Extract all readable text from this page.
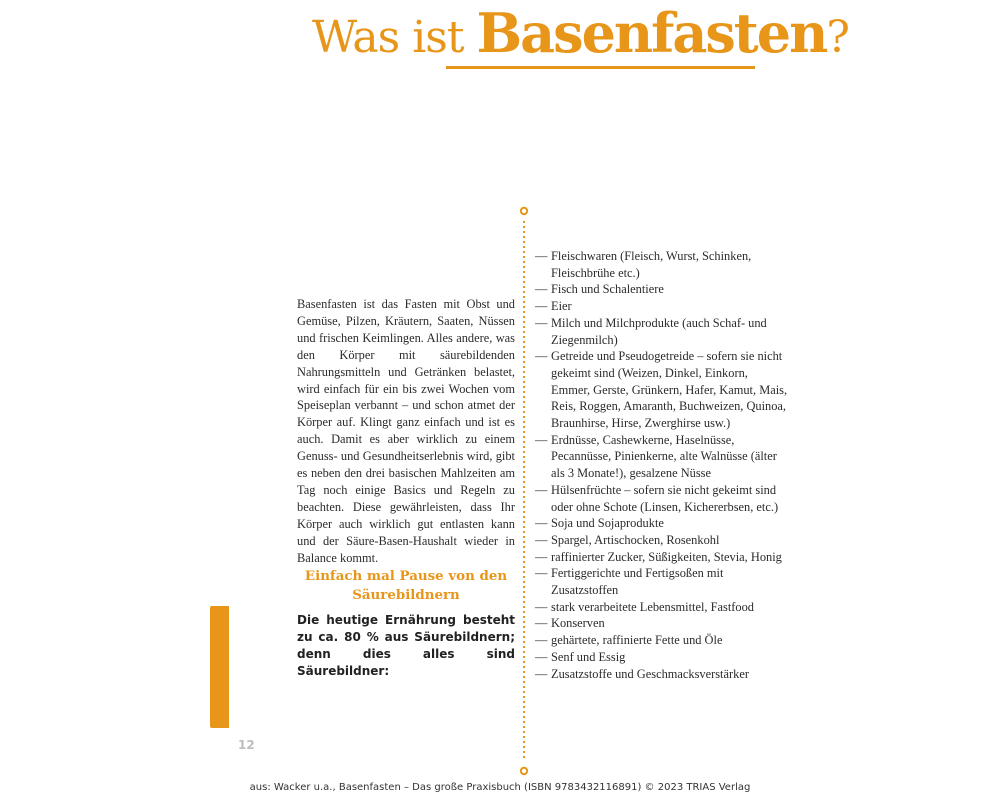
Was ist Basenfasten?

Basenfasten ist das Fasten mit Obst und Gemüse, Pilzen, Kräutern, Saaten, Nüssen und frischen Keimlingen. Alles andere, was den Körper mit säurebildenden Nahrungsmitteln und Getränken belastet, wird einfach für ein bis zwei Wochen vom Speiseplan verbannt – und schon atmet der Körper auf. Klingt ganz einfach und ist es auch. Damit es aber wirklich zu einem Genuss- und Gesundheitserlebnis wird, gibt es neben den drei basischen Mahlzeiten am Tag noch einige Basics und Regeln zu beachten. Diese gewährleisten, dass Ihr Körper auch wirklich gut entlasten kann und der Säure-Basen-Haushalt wieder in Balance kommt.

Einfach mal Pause von den Säurebildnern

Die heutige Ernährung besteht zu ca. 80 % aus Säurebildnern; denn dies alles sind Säurebildner:

— Fleischwaren (Fleisch, Wurst, Schinken, Fleischbrühe etc.)
— Fisch und Schalentiere
— Eier
— Milch und Milchprodukte (auch Schaf- und Ziegenmilch)
— Getreide und Pseudogetreide – sofern sie nicht gekeimt sind (Weizen, Dinkel, Einkorn, Emmer, Gerste, Grünkern, Hafer, Kamut, Mais, Reis, Roggen, Amaranth, Buchweizen, Quinoa, Braunhirse, Hirse, Zwerghirse usw.)
— Erdnüsse, Cashewkerne, Haselnüsse, Pecannüsse, Pinienkerne, alte Walnüsse (älter als 3 Monate!), gesalzene Nüsse
— Hülsenfrüchte – sofern sie nicht gekeimt sind oder ohne Schote (Linsen, Kichererbsen, etc.)
— Soja und Sojaprodukte
— Spargel, Artischocken, Rosenkohl
— raffinierter Zucker, Süßigkeiten, Stevia, Honig
— Fertiggerichte und Fertigsoßen mit Zusatzstoffen
— stark verarbeitete Lebensmittel, Fastfood
— Konserven
— gehärtete, raffinierte Fette und Öle
— Senf und Essig
— Zusatzstoffe und Geschmacksverstärker
12
aus: Wacker u.a., Basenfasten – Das große Praxisbuch (ISBN 9783432116891) © 2023 TRIAS Verlag
